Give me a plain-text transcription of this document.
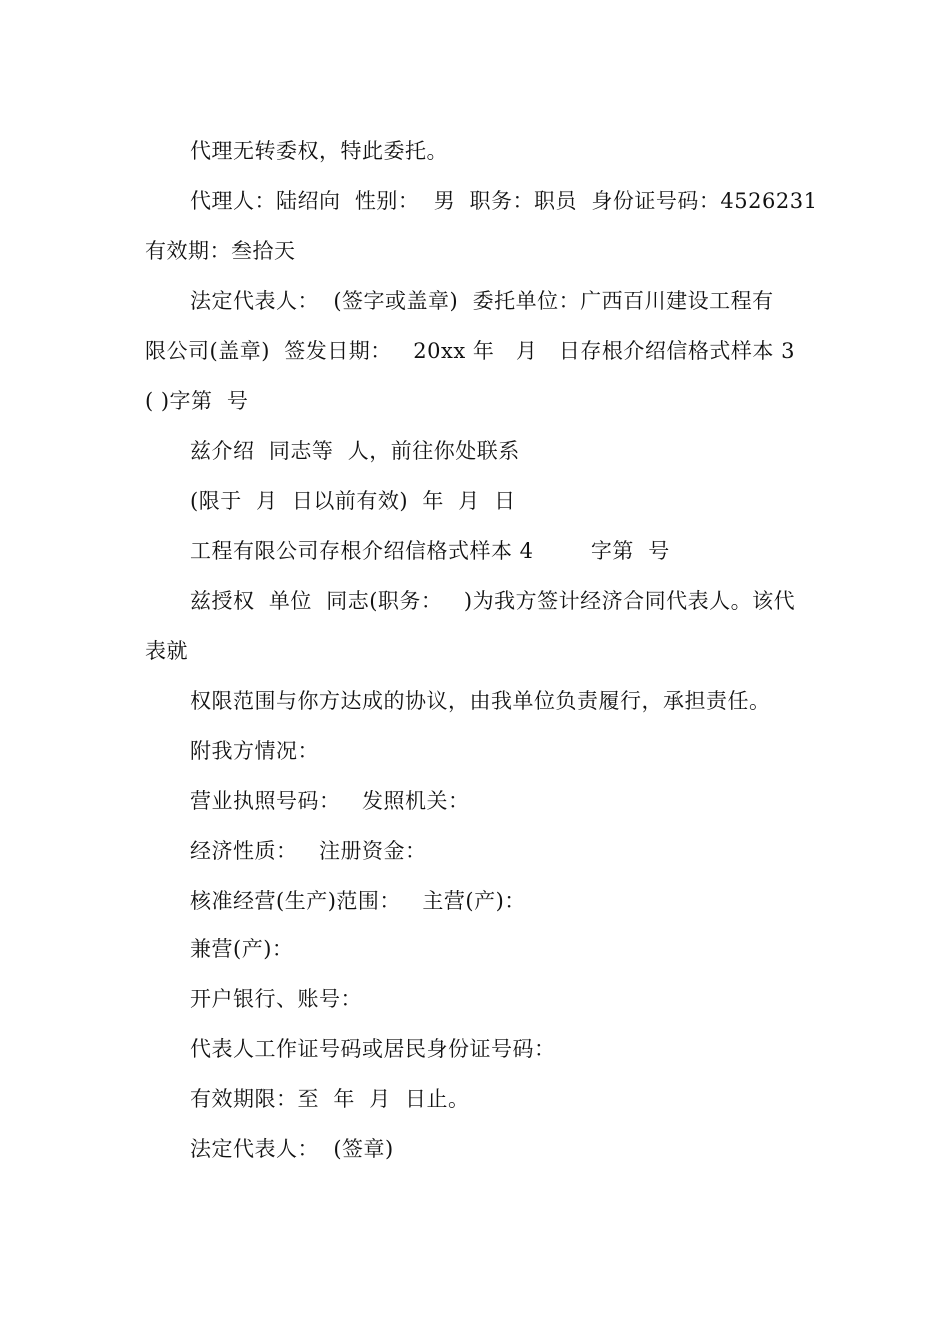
代理无转委权，特此委托。
代理人：陆绍向  性别：  男  职务：职员  身份证号码：4526231
有效期：叁拾天
法定代表人：  (签字或盖章)  委托单位：广西百川建设工程有
限公司(盖章)  签发日期：   20xx 年   月   日存根介绍信格式样本 3
( )字第  号
兹介绍  同志等  人，前往你处联系
(限于  月  日以前有效)  年  月  日
工程有限公司存根介绍信格式样本 4        字第  号
兹授权  单位  同志(职务：   )为我方签计经济合同代表人。该代
表就
权限范围与你方达成的协议，由我单位负责履行，承担责任。
附我方情况：
营业执照号码：   发照机关：
经济性质：   注册资金：
核准经营(生产)范围：   主营(产)：
兼营(产)：
开户银行、账号：
代表人工作证号码或居民身份证号码：
有效期限：至  年  月  日止。
法定代表人：  (签章)
